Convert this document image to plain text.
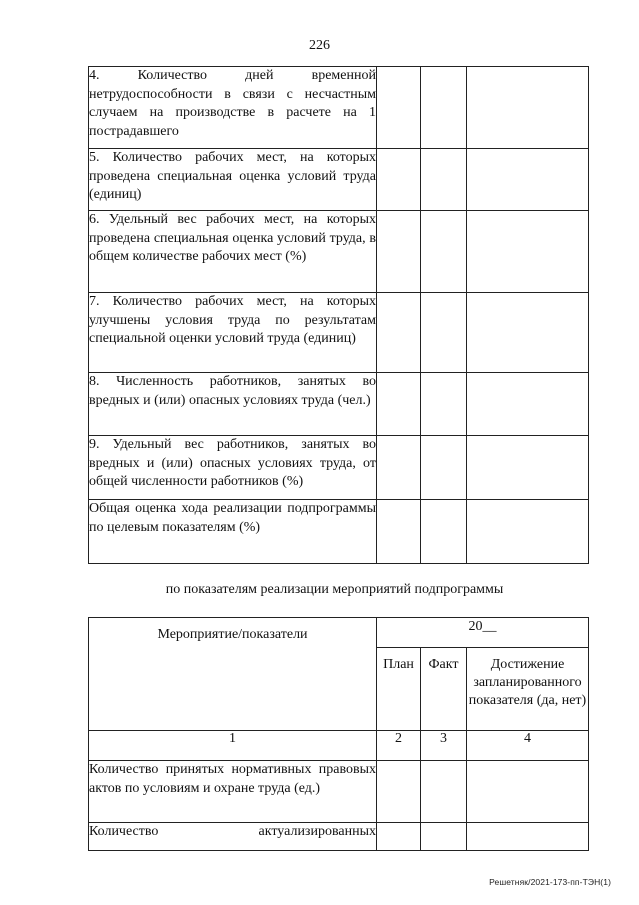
226
4. Количество дней временной нетрудоспособности в связи с несчастным случаем на производстве в расчете на 1 пострадавшего			
5. Количество рабочих мест, на которых проведена специальная оценка условий труда (единиц)			
6. Удельный вес рабочих мест, на которых проведена специальная оценка условий труда, в общем количестве рабочих мест (%)			
7. Количество рабочих мест, на которых улучшены условия труда по результатам специальной оценки условий труда (единиц)			
8. Численность работников, занятых во вредных и (или) опасных условиях труда (чел.)			
9. Удельный вес работников, занятых во вредных и (или) опасных условиях труда, от общей численности работников (%)			
Общая оценка хода реализации подпрограммы по целевым показателям (%)			
по показателям реализации мероприятий подпрограммы
Мероприятие/показатели	20__		
	План	Факт	Достижение запланированного показателя (да, нет)
1	2	3	4
Количество принятых нормативных правовых актов по условиям и охране труда (ед.)			
Количество актуализированных			
Решетняк/2021-173-пп-ТЭН(1)
